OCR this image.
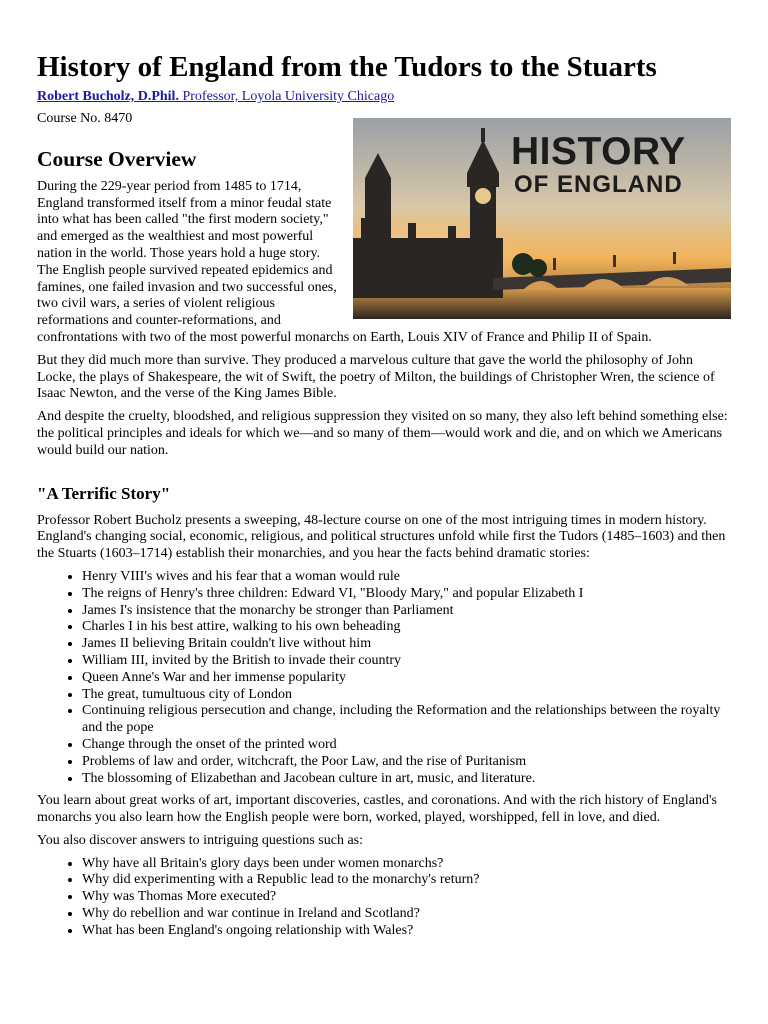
History of England from the Tudors to the Stuarts
Robert Bucholz, D.Phil. Professor, Loyola University Chicago
Course No. 8470
HISTORY
OF ENGLAND
Course Overview

During the 229-year period from 1485 to 1714, England transformed itself from a minor feudal state into what has been called "the first modern society," and emerged as the wealthiest and most powerful nation in the world. Those years hold a huge story. The English people survived repeated epidemics and famines, one failed invasion and two successful ones, two civil wars, a series of violent religious reformations and counter-reformations, and confrontations with two of the most powerful monarchs on Earth, Louis XIV of France and Philip II of Spain.

But they did much more than survive. They produced a marvelous culture that gave the world the philosophy of John Locke, the plays of Shakespeare, the wit of Swift, the poetry of Milton, the buildings of Christopher Wren, the science of Isaac Newton, and the verse of the King James Bible.

And despite the cruelty, bloodshed, and religious suppression they visited on so many, they also left behind something else: the political principles and ideals for which we—and so many of them—would work and die, and on which we Americans would build our nation.

"A Terrific Story"

Professor Robert Bucholz presents a sweeping, 48-lecture course on one of the most intriguing times in modern history. England's changing social, economic, religious, and political structures unfold while first the Tudors (1485–1603) and then the Stuarts (1603–1714) establish their monarchies, and you hear the facts behind dramatic stories:

• Henry VIII's wives and his fear that a woman would rule
• The reigns of Henry's three children: Edward VI, "Bloody Mary," and popular Elizabeth I
• James I's insistence that the monarchy be stronger than Parliament
• Charles I in his best attire, walking to his own beheading
• James II believing Britain couldn't live without him
• William III, invited by the British to invade their country
• Queen Anne's War and her immense popularity
• The great, tumultuous city of London
• Continuing religious persecution and change, including the Reformation and the relationships between the royalty and the pope
• Change through the onset of the printed word
• Problems of law and order, witchcraft, the Poor Law, and the rise of Puritanism
• The blossoming of Elizabethan and Jacobean culture in art, music, and literature.

You learn about great works of art, important discoveries, castles, and coronations. And with the rich history of England's monarchs you also learn how the English people were born, worked, played, worshipped, fell in love, and died.

You also discover answers to intriguing questions such as:

• Why have all Britain's glory days been under women monarchs?
• Why did experimenting with a Republic lead to the monarchy's return?
• Why was Thomas More executed?
• Why do rebellion and war continue in Ireland and Scotland?
• What has been England's ongoing relationship with Wales?
